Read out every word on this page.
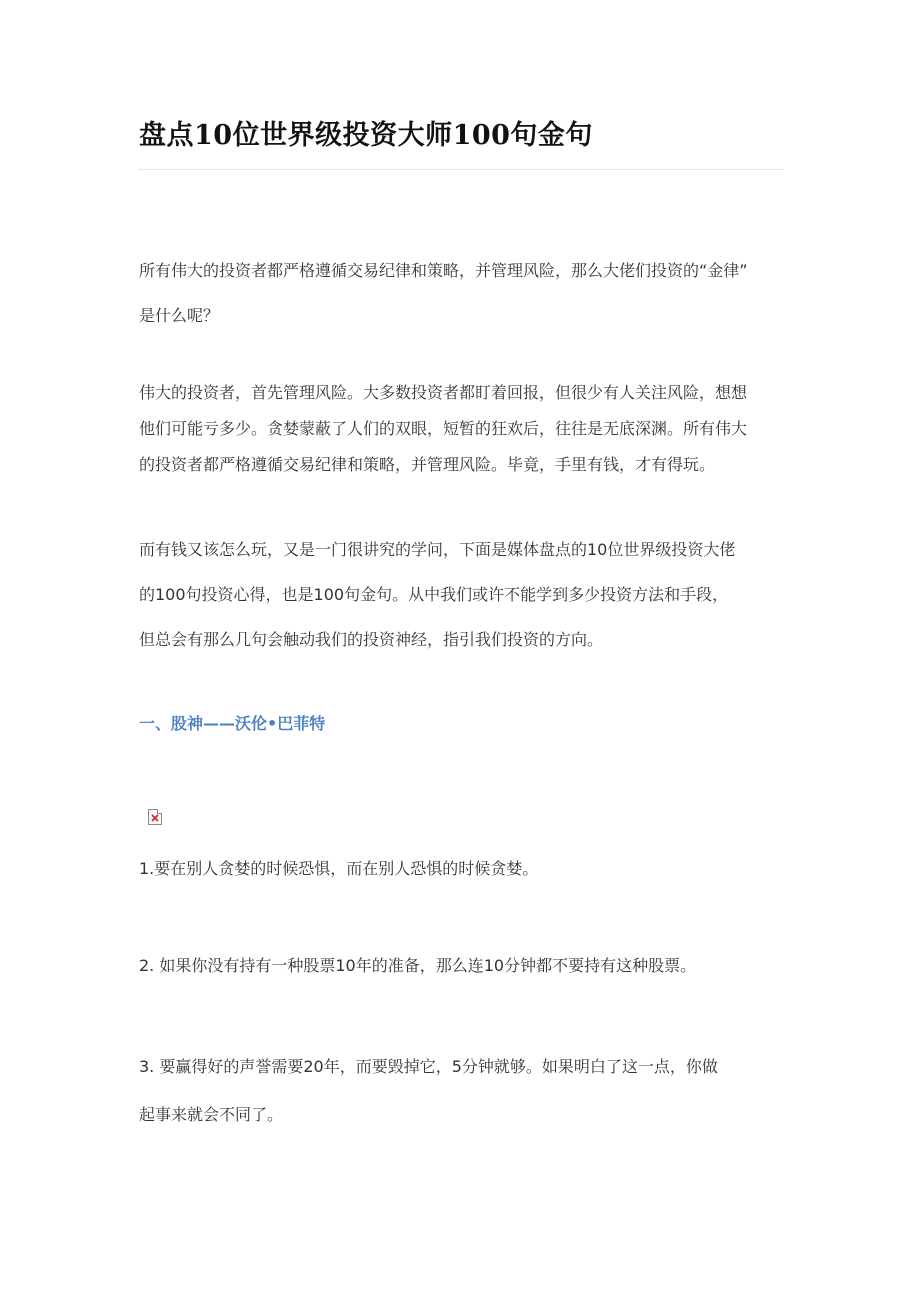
盘点10位世界级投资大师100句金句

所有伟大的投资者都严格遵循交易纪律和策略，并管理风险，那么大佬们投资的“金律”
是什么呢？

伟大的投资者，首先管理风险。大多数投资者都盯着回报，但很少有人关注风险，想想
他们可能亏多少。贪婪蒙蔽了人们的双眼，短暂的狂欢后，往往是无底深渊。所有伟大
的投资者都严格遵循交易纪律和策略，并管理风险。毕竟，手里有钱，才有得玩。

而有钱又该怎么玩，又是一门很讲究的学问，下面是媒体盘点的10位世界级投资大佬
的100句投资心得，也是100句金句。从中我们或许不能学到多少投资方法和手段，
但总会有那么几句会触动我们的投资神经，指引我们投资的方向。

一、股神——沃伦•巴菲特

1.要在别人贪婪的时候恐惧，而在别人恐惧的时候贪婪。

2. 如果你没有持有一种股票10年的准备，那么连10分钟都不要持有这种股票。

3. 要赢得好的声誉需要20年，而要毁掉它，5分钟就够。如果明白了这一点，你做
起事来就会不同了。
